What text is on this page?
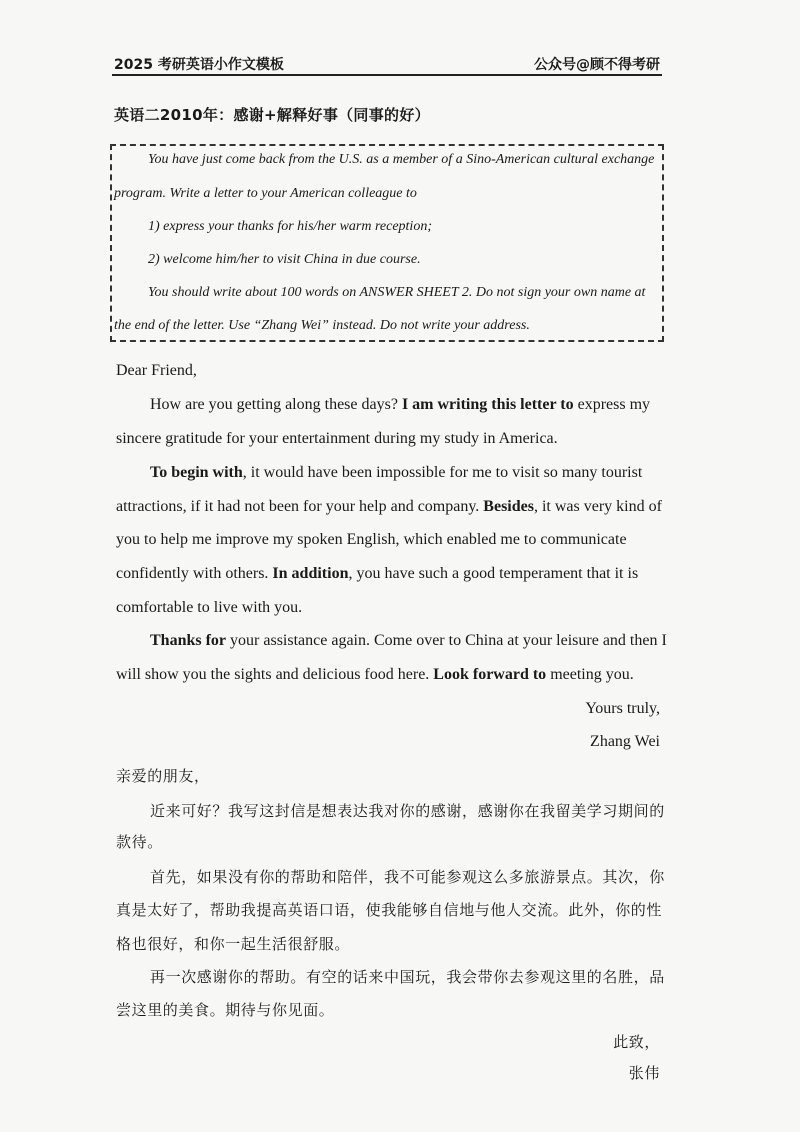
2025 考研英语小作文模板	公众号@顾不得考研
英语二2010年：感谢+解释好事（同事的好）
You have just come back from the U.S. as a member of a Sino-American cultural exchange
program. Write a letter to your American colleague to
1) express your thanks for his/her warm reception;
2) welcome him/her to visit China in due course.
You should write about 100 words on ANSWER SHEET 2. Do not sign your own name at
the end of the letter. Use “Zhang Wei” instead. Do not write your address.
Dear Friend,
How are you getting along these days? I am writing this letter to express my
sincere gratitude for your entertainment during my study in America.
To begin with, it would have been impossible for me to visit so many tourist
attractions, if it had not been for your help and company. Besides, it was very kind of
you to help me improve my spoken English, which enabled me to communicate
confidently with others. In addition, you have such a good temperament that it is
comfortable to live with you.
Thanks for your assistance again. Come over to China at your leisure and then I
will show you the sights and delicious food here. Look forward to meeting you.
Yours truly,
Zhang Wei
亲爱的朋友，
近来可好？我写这封信是想表达我对你的感谢，感谢你在我留美学习期间的
款待。
首先，如果没有你的帮助和陪伴，我不可能参观这么多旅游景点。其次，你
真是太好了，帮助我提高英语口语，使我能够自信地与他人交流。此外，你的性
格也很好，和你一起生活很舒服。
再一次感谢你的帮助。有空的话来中国玩，我会带你去参观这里的名胜，品
尝这里的美食。期待与你见面。
此致，
张伟
